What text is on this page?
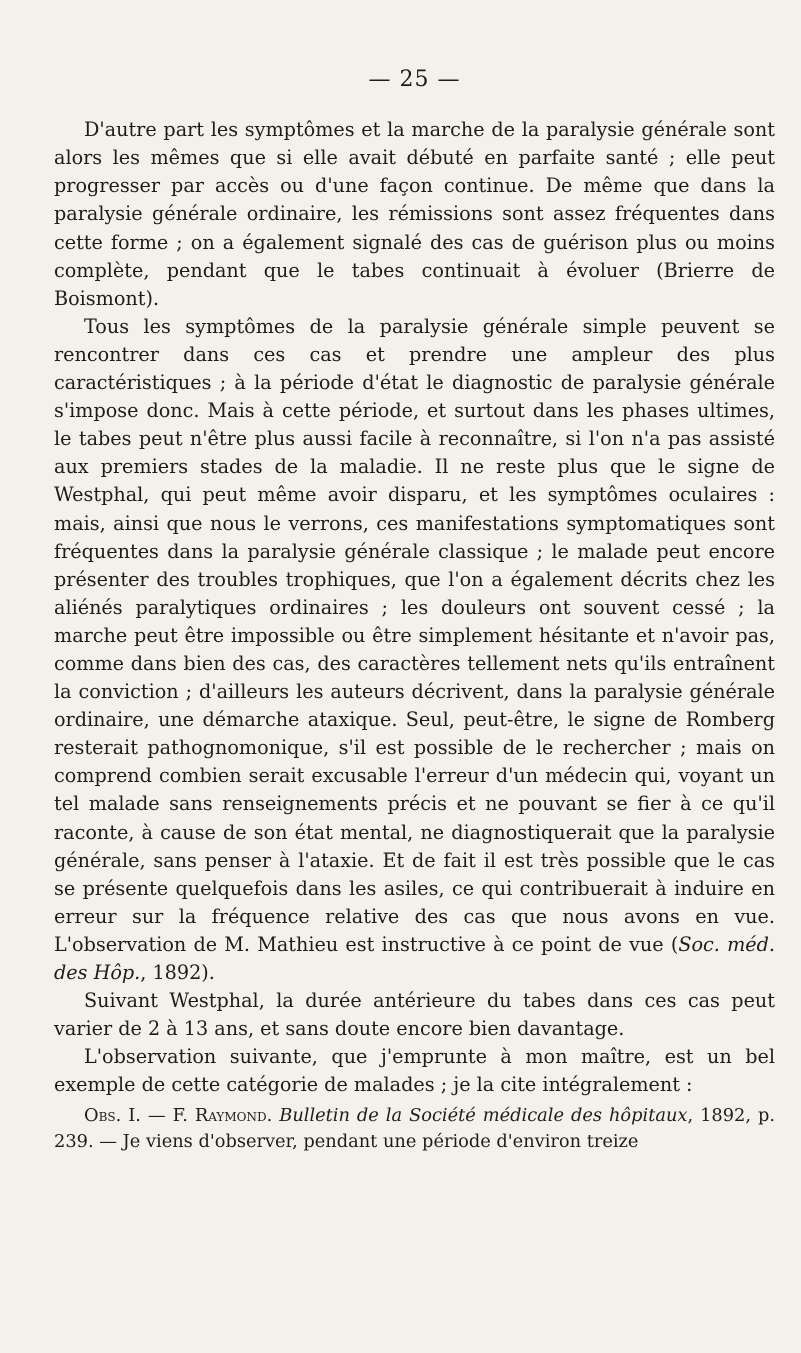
— 25 —

D'autre part les symptômes et la marche de la paralysie générale sont alors les mêmes que si elle avait débuté en parfaite santé ; elle peut progresser par accès ou d'une façon continue. De même que dans la paralysie générale ordinaire, les rémissions sont assez fréquentes dans cette forme ; on a également signalé des cas de guérison plus ou moins complète, pendant que le tabes continuait à évoluer (Brierre de Boismont).

Tous les symptômes de la paralysie générale simple peuvent se rencontrer dans ces cas et prendre une ampleur des plus caractéristiques ; à la période d'état le diagnostic de paralysie générale s'impose donc. Mais à cette période, et surtout dans les phases ultimes, le tabes peut n'être plus aussi facile à reconnaître, si l'on n'a pas assisté aux premiers stades de la maladie. Il ne reste plus que le signe de Westphal, qui peut même avoir disparu, et les symptômes oculaires : mais, ainsi que nous le verrons, ces manifestations symptomatiques sont fréquentes dans la paralysie générale classique ; le malade peut encore présenter des troubles trophiques, que l'on a également décrits chez les aliénés paralytiques ordinaires ; les douleurs ont souvent cessé ; la marche peut être impossible ou être simplement hésitante et n'avoir pas, comme dans bien des cas, des caractères tellement nets qu'ils entraînent la conviction ; d'ailleurs les auteurs décrivent, dans la paralysie générale ordinaire, une démarche ataxique. Seul, peut-être, le signe de Romberg resterait pathognomonique, s'il est possible de le rechercher ; mais on comprend combien serait excusable l'erreur d'un médecin qui, voyant un tel malade sans renseignements précis et ne pouvant se fier à ce qu'il raconte, à cause de son état mental, ne diagnostiquerait que la paralysie générale, sans penser à l'ataxie. Et de fait il est très possible que le cas se présente quelquefois dans les asiles, ce qui contribuerait à induire en erreur sur la fréquence relative des cas que nous avons en vue. L'observation de M. Mathieu est instructive à ce point de vue (Soc. méd. des Hôp., 1892).

Suivant Westphal, la durée antérieure du tabes dans ces cas peut varier de 2 à 13 ans, et sans doute encore bien davantage.

L'observation suivante, que j'emprunte à mon maître, est un bel exemple de cette catégorie de malades ; je la cite intégralement :

Obs. I. — F. Raymond. Bulletin de la Société médicale des hôpitaux, 1892, p. 239. — Je viens d'observer, pendant une période d'environ treize
